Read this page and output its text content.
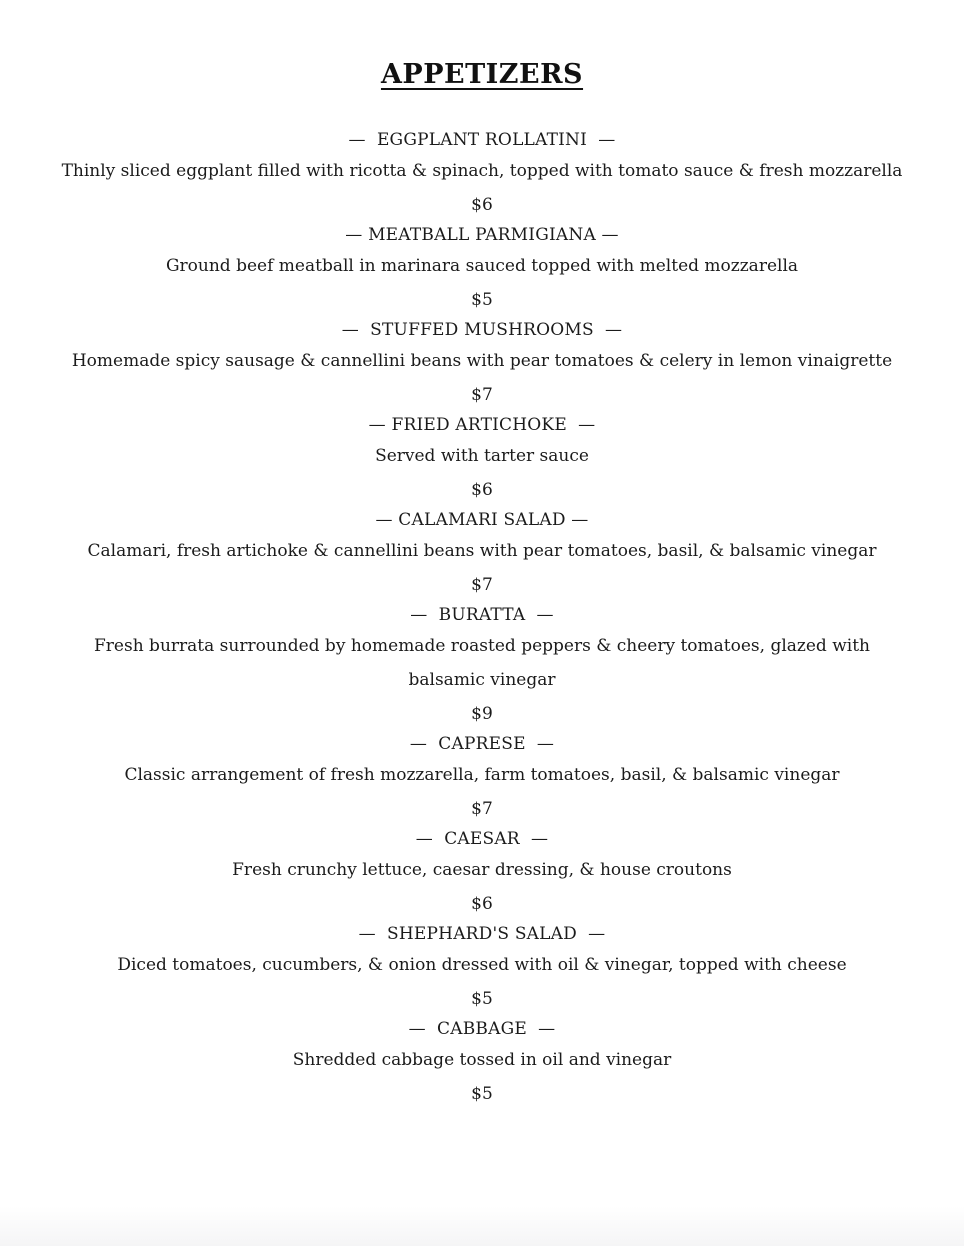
APPETIZERS
—  EGGPLANT ROLLATINI  —

Thinly sliced eggplant filled with ricotta & spinach, topped with tomato sauce & fresh mozzarella

$6

— MEATBALL PARMIGIANA —

Ground beef meatball in marinara sauced topped with melted mozzarella

$5

—  STUFFED MUSHROOMS  —

Homemade spicy sausage & cannellini beans with pear tomatoes & celery in lemon vinaigrette

$7

— FRIED ARTICHOKE  —

Served with tarter sauce

$6

— CALAMARI SALAD —

Calamari, fresh artichoke & cannellini beans with pear tomatoes, basil, & balsamic vinegar

$7

—  BURATTA  —

Fresh burrata surrounded by homemade roasted peppers & cheery tomatoes, glazed with balsamic vinegar

$9

—  CAPRESE  —

Classic arrangement of fresh mozzarella, farm tomatoes, basil, & balsamic vinegar

$7

—  CAESAR  —

Fresh crunchy lettuce, caesar dressing, & house croutons

$6

—  SHEPHARD'S SALAD  —

Diced tomatoes, cucumbers, & onion dressed with oil & vinegar, topped with cheese

$5

—  CABBAGE  —

Shredded cabbage tossed in oil and vinegar

$5
